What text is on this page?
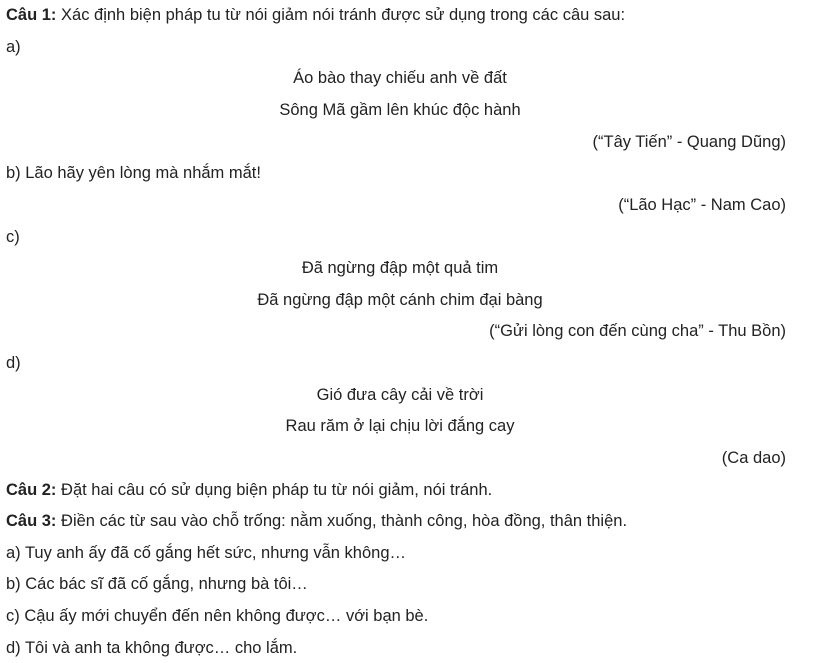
Câu 1: Xác định biện pháp tu từ nói giảm nói tránh được sử dụng trong các câu sau:
a)
Áo bào thay chiếu anh về đất
Sông Mã gầm lên khúc độc hành
(“Tây Tiến” - Quang Dũng)
b) Lão hãy yên lòng mà nhắm mắt!
(“Lão Hạc” - Nam Cao)
c)
Đã ngừng đập một quả tim
Đã ngừng đập một cánh chim đại bàng
(“Gửi lòng con đến cùng cha” - Thu Bồn)
d)
Gió đưa cây cải về trời
Rau răm ở lại chịu lời đắng cay
(Ca dao)
Câu 2: Đặt hai câu có sử dụng biện pháp tu từ nói giảm, nói tránh.
Câu 3: Điền các từ sau vào chỗ trống: nằm xuống, thành công, hòa đồng, thân thiện.
a) Tuy anh ấy đã cố gắng hết sức, nhưng vẫn không…
b) Các bác sĩ đã cố gắng, nhưng bà tôi…
c) Cậu ấy mới chuyển đến nên không được… với bạn bè.
d) Tôi và anh ta không được… cho lắm.
